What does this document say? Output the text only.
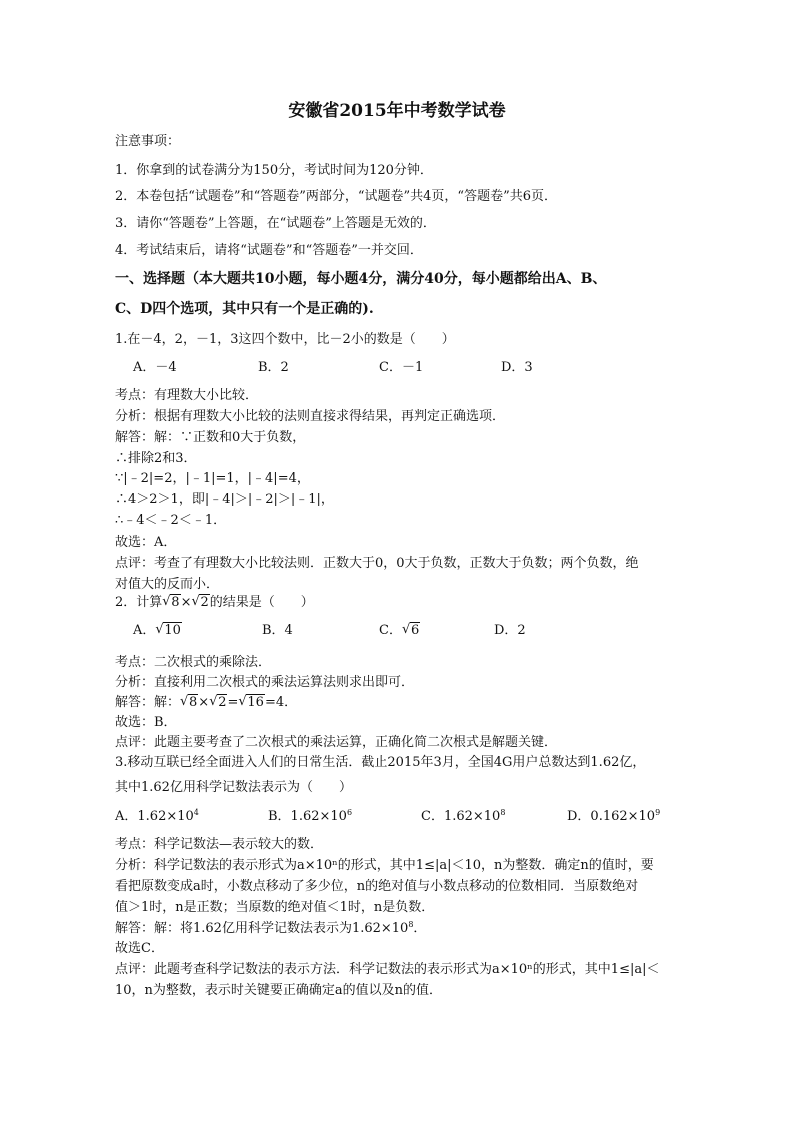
安徽省2015年中考数学试卷
注意事项：
1．你拿到的试卷满分为150分，考试时间为120分钟．
2．本卷包括“试题卷”和“答题卷”两部分，“试题卷”共4页，“答题卷”共6页．
3．请你“答题卷”上答题，在“试题卷”上答题是无效的．
4．考试结束后，请将“试题卷”和“答题卷”一并交回．
一、选择题（本大题共10小题，每小题4分，满分40分，每小题都给出A、B、
C、D四个选项，其中只有一个是正确的).
1.在－4，2，－1，3这四个数中，比－2小的数是（　　）
A．－4	B．2	C．－1	D．3
考点：有理数大小比较．
分析：根据有理数大小比较的法则直接求得结果，再判定正确选项．
解答：解：∵正数和0大于负数，
∴排除2和3．
∵|﹣2|=2，|﹣1|=1，|﹣4|=4，
∴4＞2＞1，即|﹣4|＞|﹣2|＞|﹣1|，
∴﹣4＜﹣2＜﹣1．
故选：A．
点评：考查了有理数大小比较法则．正数大于0，0大于负数，正数大于负数；两个负数，绝
对值大的反而小．
2．计算 √ 8× √ 2的结果是（　　）
A． √ 10	B．4	C． √ 6	D．2
考点：二次根式的乘除法．
分析：直接利用二次根式的乘法运算法则求出即可．
解答：解： √ 8× √ 2= √ 16=4．
故选：B．
点评：此题主要考查了二次根式的乘法运算，正确化简二次根式是解题关键．
3.移动互联已经全面进入人们的日常生活．截止2015年3月，全国4G用户总数达到1.62亿，
其中1.62亿用科学记数法表示为（　　）
A．$1.62\times 10^4$	B．$1.62\times 10^6$	C．$1.62\times 10^8$	D．$0.162\times 10^9$
考点：科学记数法—表示较大的数．
分析：科学记数法的表示形式为a×10ⁿ的形式，其中1≤|a|＜10，n为整数．确定n的值时，要
看把原数变成a时，小数点移动了多少位，n的绝对值与小数点移动的位数相同．当原数绝对
值＞1时，n是正数；当原数的绝对值＜1时，n是负数．
解答：解：将1.62亿用科学记数法表示为$1.62\times 10^8$．
故选C．
点评：此题考查科学记数法的表示方法．科学记数法的表示形式为a×10ⁿ的形式，其中1≤|a|＜
10，n为整数，表示时关键要正确确定a的值以及n的值．
